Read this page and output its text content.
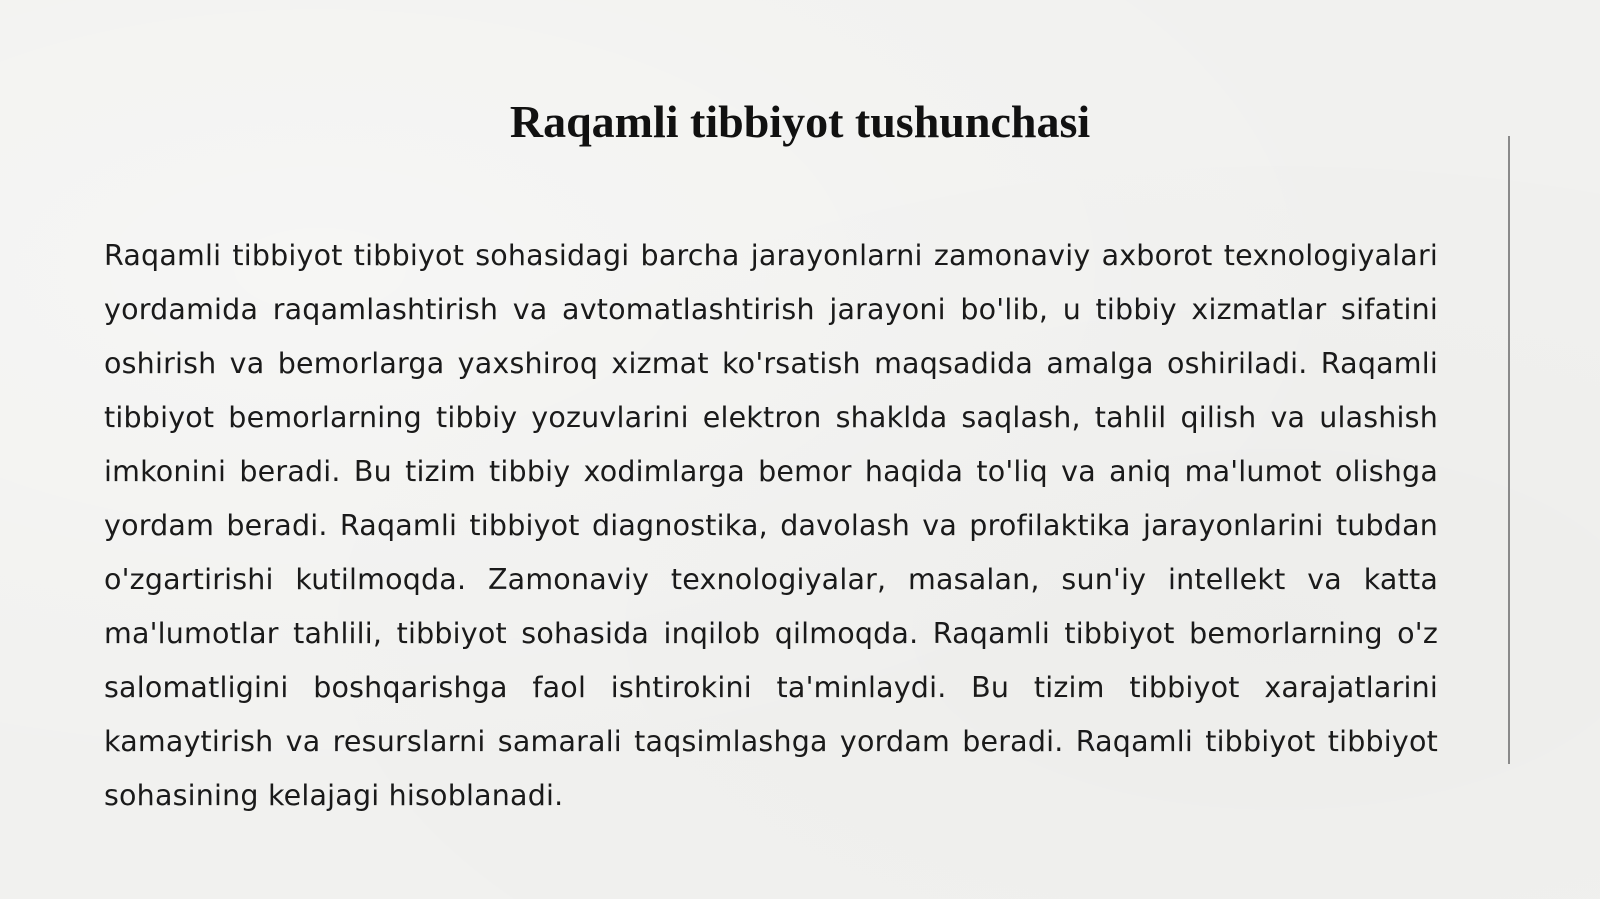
Raqamli tibbiyot tushunchasi

Raqamli tibbiyot tibbiyot sohasidagi barcha jarayonlarni zamonaviy axborot texnologiyalari yordamida raqamlashtirish va avtomatlashtirish jarayoni bo'lib, u tibbiy xizmatlar sifatini oshirish va bemorlarga yaxshiroq xizmat ko'rsatish maqsadida amalga oshiriladi. Raqamli tibbiyot bemorlarning tibbiy yozuvlarini elektron shaklda saqlash, tahlil qilish va ulashish imkonini beradi. Bu tizim tibbiy xodimlarga bemor haqida to'liq va aniq ma'lumot olishga yordam beradi. Raqamli tibbiyot diagnostika, davolash va profilaktika jarayonlarini tubdan o'zgartirishi kutilmoqda. Zamonaviy texnologiyalar, masalan, sun'iy intellekt va katta ma'lumotlar tahlili, tibbiyot sohasida inqilob qilmoqda. Raqamli tibbiyot bemorlarning o'z salomatligini boshqarishga faol ishtirokini ta'minlaydi. Bu tizim tibbiyot xarajatlarini kamaytirish va resurslarni samarali taqsimlashga yordam beradi. Raqamli tibbiyot tibbiyot sohasining kelajagi hisoblanadi.
